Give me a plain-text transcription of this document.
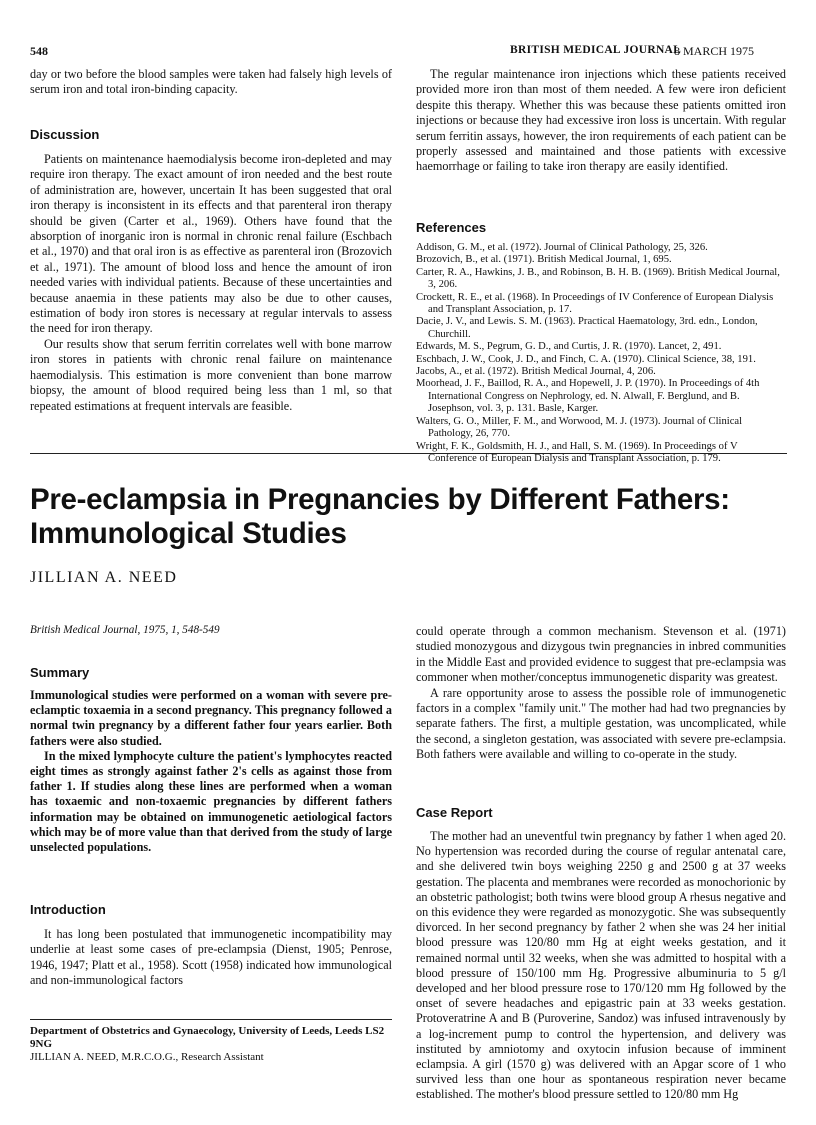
548	BRITISH MEDICAL JOURNAL
8 MARCH 1975

day or two before the blood samples were taken had falsely high levels of serum iron and total iron-binding capacity.

Discussion

Patients on maintenance haemodialysis become iron-depleted and may require iron therapy. The exact amount of iron needed and the best route of administration are, however, uncertain It has been suggested that oral iron therapy is inconsistent in its effects and that parenteral iron therapy should be given (Carter et al., 1969). Others have found that the absorption of inorganic iron is normal in chronic renal failure (Eschbach et al., 1970) and that oral iron is as effective as parenteral iron (Brozovich et al., 1971). The amount of blood loss and hence the amount of iron needed varies with individual patients. Because of these uncertainties and because anaemia in these patients may also be due to other causes, estimation of body iron stores is necessary at regular intervals to assess the need for iron therapy.

Our results show that serum ferritin correlates well with bone marrow iron stores in patients with chronic renal failure on maintenance haemodialysis. This estimation is more convenient than bone marrow biopsy, the amount of blood required being less than 1 ml, so that repeated estimations at frequent intervals are feasible.

The regular maintenance iron injections which these patients received provided more iron than most of them needed. A few were iron deficient despite this therapy. Whether this was because these patients omitted iron injections or because they had excessive iron loss is uncertain. With regular serum ferritin assays, however, the iron requirements of each patient can be properly assessed and maintained and those patients with excessive haemorrhage or failing to take iron therapy are easily identified.

References

Addison, G. M., et al. (1972). Journal of Clinical Pathology, 25, 326.

Brozovich, B., et al. (1971). British Medical Journal, 1, 695.

Carter, R. A., Hawkins, J. B., and Robinson, B. H. B. (1969). British Medical Journal, 3, 206.

Crockett, R. E., et al. (1968). In Proceedings of IV Conference of European Dialysis and Transplant Association, p. 17.

Dacie, J. V., and Lewis. S. M. (1963). Practical Haematology, 3rd. edn., London, Churchill.

Edwards, M. S., Pegrum, G. D., and Curtis, J. R. (1970). Lancet, 2, 491.

Eschbach, J. W., Cook, J. D., and Finch, C. A. (1970). Clinical Science, 38, 191.

Jacobs, A., et al. (1972). British Medical Journal, 4, 206.

Moorhead, J. F., Baillod, R. A., and Hopewell, J. P. (1970). In Proceedings of 4th International Congress on Nephrology, ed. N. Alwall, F. Berglund, and B. Josephson, vol. 3, p. 131. Basle, Karger.

Walters, G. O., Miller, F. M., and Worwood, M. J. (1973). Journal of Clinical Pathology, 26, 770.

Wright, F. K., Goldsmith, H. J., and Hall, S. M. (1969). In Proceedings of V Conference of European Dialysis and Transplant Association, p. 179.

Pre-eclampsia in Pregnancies by Different Fathers: Immunological Studies
JILLIAN A. NEED
British Medical Journal, 1975, 1, 548-549
Summary

Immunological studies were performed on a woman with severe pre-eclamptic toxaemia in a second pregnancy. This pregnancy followed a normal twin pregnancy by a different father four years earlier. Both fathers were also studied.

In the mixed lymphocyte culture the patient's lymphocytes reacted eight times as strongly against father 2's cells as against those from father 1. If studies along these lines are performed when a woman has toxaemic and non-toxaemic pregnancies by different fathers information may be obtained on immunogenetic aetiological factors which may be of more value than that derived from the study of large unselected populations.

Introduction

It has long been postulated that immunogenetic incompatibility may underlie at least some cases of pre-eclampsia (Dienst, 1905; Penrose, 1946, 1947; Platt et al., 1958). Scott (1958) indicated how immunological and non-immunological factors

Department of Obstetrics and Gynaecology, University of Leeds, Leeds LS2 9NG
JILLIAN A. NEED, M.R.C.O.G., Research Assistant

could operate through a common mechanism. Stevenson et al. (1971) studied monozygous and dizygous twin pregnancies in inbred communities in the Middle East and provided evidence to suggest that pre-eclampsia was commoner when mother/conceptus immunogenetic disparity was greatest.

A rare opportunity arose to assess the possible role of immunogenetic factors in a complex "family unit." The mother had had two pregnancies by separate fathers. The first, a multiple gestation, was uncomplicated, while the second, a singleton gestation, was associated with severe pre-eclampsia. Both fathers were available and willing to co-operate in the study.

Case Report

The mother had an uneventful twin pregnancy by father 1 when aged 20. No hypertension was recorded during the course of regular antenatal care, and she delivered twin boys weighing 2250 g and 2500 g at 37 weeks gestation. The placenta and membranes were recorded as monochorionic by an obstetric pathologist; both twins were blood group A rhesus negative and on this evidence they were regarded as monozygotic. She was subsequently divorced. In her second pregnancy by father 2 when she was 24 her initial blood pressure was 120/80 mm Hg at eight weeks gestation, and it remained normal until 32 weeks, when she was admitted to hospital with a blood pressure of 150/100 mm Hg. Progressive albuminuria to 5 g/l developed and her blood pressure rose to 170/120 mm Hg followed by the onset of severe headaches and epigastric pain at 33 weeks gestation. Protoveratrine A and B (Puroverine, Sandoz) was infused intravenously by a log-increment pump to control the hypertension, and delivery was instituted by amniotomy and oxytocin infusion because of imminent eclampsia. A girl (1570 g) was delivered with an Apgar score of 1 who survived less than one hour as spontaneous respiration never became established. The mother's blood pressure settled to 120/80 mm Hg
